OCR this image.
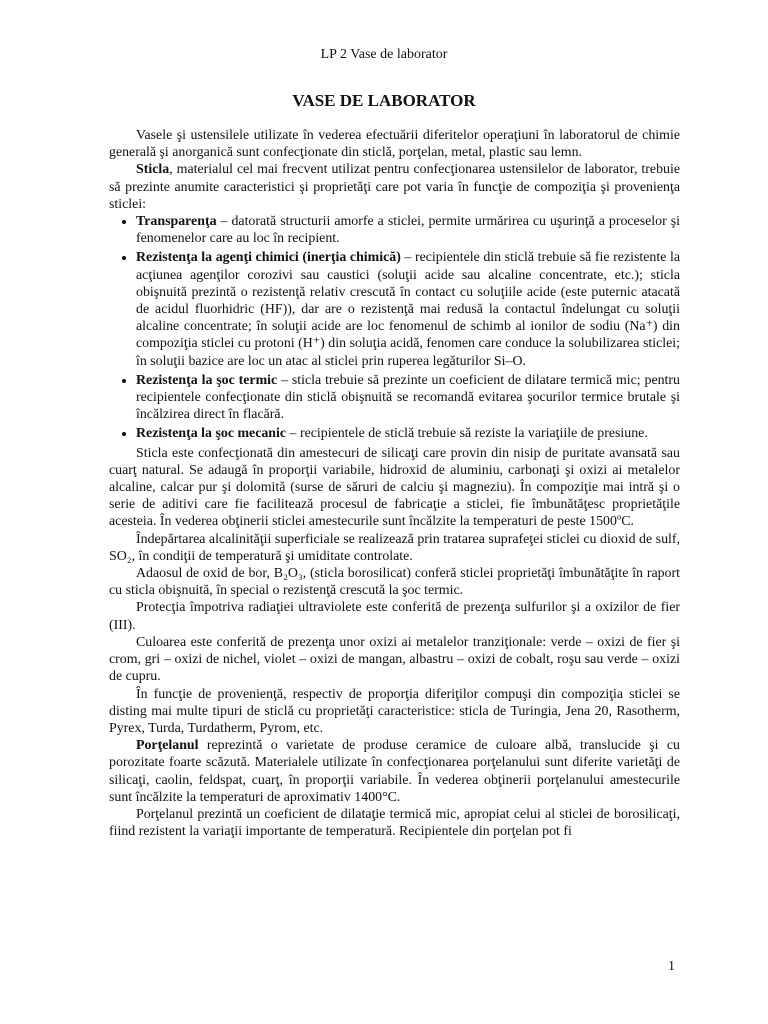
LP 2 Vase de laborator
VASE DE LABORATOR

Vasele şi ustensilele utilizate în vederea efectuării diferitelor operaţiuni în laboratorul de chimie generală şi anorganică sunt confecţionate din sticlă, porţelan, metal, plastic sau lemn.

Sticla, materialul cel mai frecvent utilizat pentru confecţionarea ustensilelor de laborator, trebuie să prezinte anumite caracteristici şi proprietăţi care pot varia în funcţie de compoziţia şi provenienţa sticlei:

• Transparenţa – datorată structurii amorfe a sticlei, permite urmărirea cu uşurinţă a proceselor şi fenomenelor care au loc în recipient.
• Rezistenţa la agenţi chimici (inerţia chimică) – recipientele din sticlă trebuie să fie rezistente la acţiunea agenţilor corozivi sau caustici (soluţii acide sau alcaline concentrate, etc.); sticla obişnuită prezintă o rezistenţă relativ crescută în contact cu soluţiile acide (este puternic atacată de acidul fluorhidric (HF)), dar are o rezistenţă mai redusă la contactul îndelungat cu soluţii alcaline concentrate; în soluţii acide are loc fenomenul de schimb al ionilor de sodiu (Na⁺) din compoziţia sticlei cu protoni (H⁺) din soluţia acidă, fenomen care conduce la solubilizarea sticlei; în soluţii bazice are loc un atac al sticlei prin ruperea legăturilor Si–O.
• Rezistenţa la şoc termic – sticla trebuie să prezinte un coeficient de dilatare termică mic; pentru recipientele confecţionate din sticlă obişnuită se recomandă evitarea şocurilor termice brutale şi încălzirea direct în flacără.
• Rezistenţa la şoc mecanic – recipientele de sticlă trebuie să reziste la variaţiile de presiune.

Sticla este confecţionată din amestecuri de silicaţi care provin din nisip de puritate avansată sau cuarţ natural. Se adaugă în proporţii variabile, hidroxid de aluminiu, carbonaţi şi oxizi ai metalelor alcaline, calcar pur şi dolomită (surse de săruri de calciu şi magneziu). În compoziţie mai intră şi o serie de aditivi care fie facilitează procesul de fabricaţie a sticlei, fie îmbunătăţesc proprietăţile acesteia. În vederea obţinerii sticlei amestecurile sunt încălzite la temperaturi de peste 1500ºC.

Îndepărtarea alcalinităţii superficiale se realizează prin tratarea suprafeţei sticlei cu dioxid de sulf, SO₂, în condiţii de temperatură şi umiditate controlate.

Adaosul de oxid de bor, B₂O₃, (sticla borosilicat) conferă sticlei proprietăţi îmbunătăţite în raport cu sticla obişnuită, în special o rezistenţă crescută la şoc termic.

Protecţia împotriva radiaţiei ultraviolete este conferită de prezenţa sulfurilor şi a oxizilor de fier (III).

Culoarea este conferită de prezenţa unor oxizi ai metalelor tranziţionale: verde – oxizi de fier şi crom, gri – oxizi de nichel, violet – oxizi de mangan, albastru – oxizi de cobalt, roşu sau verde – oxizi de cupru.

În funcţie de provenienţă, respectiv de proporţia diferiţilor compuşi din compoziţia sticlei se disting mai multe tipuri de sticlă cu proprietăţi caracteristice: sticla de Turingia, Jena 20, Rasotherm, Pyrex, Turda, Turdatherm, Pyrom, etc.

Porţelanul reprezintă o varietate de produse ceramice de culoare albă, translucide şi cu porozitate foarte scăzută. Materialele utilizate în confecţionarea porţelanului sunt diferite varietăţi de silicaţi, caolin, feldspat, cuarţ, în proporţii variabile. În vederea obţinerii porţelanului amestecurile sunt încălzite la temperaturi de aproximativ 1400°C.

Porţelanul prezintă un coeficient de dilataţie termică mic, apropiat celui al sticlei de borosilicaţi, fiind rezistent la variaţii importante de temperatură. Recipientele din porţelan pot fi

1
